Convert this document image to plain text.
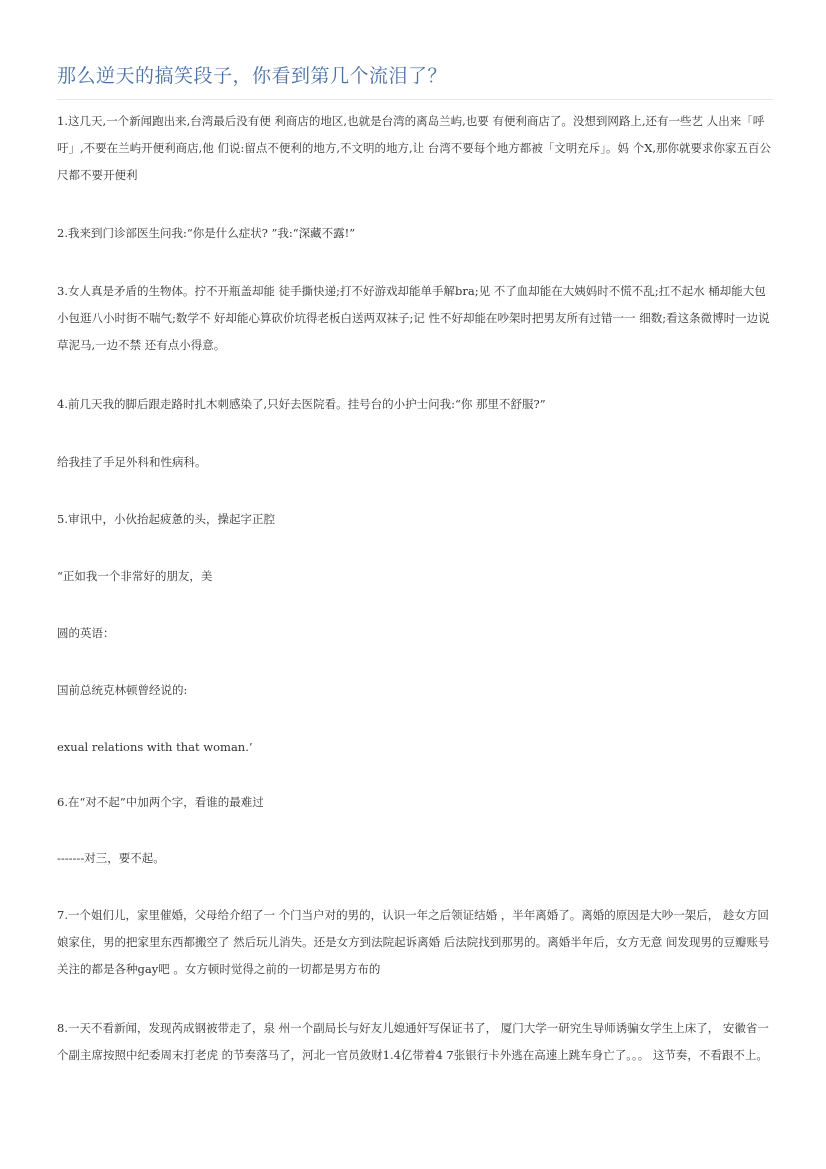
那么逆天的搞笑段子，你看到第几个流泪了？
1.这几天,一个新闻跑出来,台湾最后没有便 利商店的地区,也就是台湾的离岛兰屿,也要 有便利商店了。没想到网路上,还有一些艺 人出来「呼吁」,不要在兰屿开便利商店,他 们说:留点不便利的地方,不文明的地方,让 台湾不要每个地方都被「文明充斥」。妈 个X,那你就要求你家五百公尺都不要开便利
2.我来到门诊部医生问我:“你是什么症状? ”我:“深藏不露!”
3.女人真是矛盾的生物体。拧不开瓶盖却能 徒手撕快递;打不好游戏却能单手解bra;见 不了血却能在大姨妈时不慌不乱;扛不起水 桶却能大包小包逛八小时街不喘气;数学不 好却能心算砍价坑得老板白送两双袜子;记 性不好却能在吵架时把男友所有过错一一 细数;看这条微博时一边说草泥马,一边不禁 还有点小得意。
4.前几天我的脚后跟走路时扎木刺感染了,只好去医院看。挂号台的小护士问我:“你 那里不舒服?”
给我挂了手足外科和性病科。
5.审讯中，小伙抬起疲惫的头，操起字正腔
“正如我一个非常好的朋友，美
圆的英语：
国前总统克林顿曾经说的:
exual relations with that woman.’
6.在“对不起”中加两个字，看谁的最难过
-------对三，要不起。
7.一个姐们儿，家里催婚，父母给介绍了一 个门当户对的男的，认识一年之后领证结婚 ，半年离婚了。离婚的原因是大吵一架后， 趁女方回娘家住，男的把家里东西都搬空了 然后玩儿消失。还是女方到法院起诉离婚 后法院找到那男的。离婚半年后，女方无意 间发现男的豆瓣账号关注的都是各种gay吧 。女方顿时觉得之前的一切都是男方布的
8.一天不看新闻，发现芮成钢被带走了，泉 州一个副局长与好友儿媳通奸写保证书了， 厦门大学一研究生导师诱骗女学生上床了， 安徽省一个副主席按照中纪委周末打老虎 的节奏落马了，河北一官员敛财1.4亿带着4 7张银行卡外逃在高速上跳车身亡了。。。 这节奏，不看跟不上。
